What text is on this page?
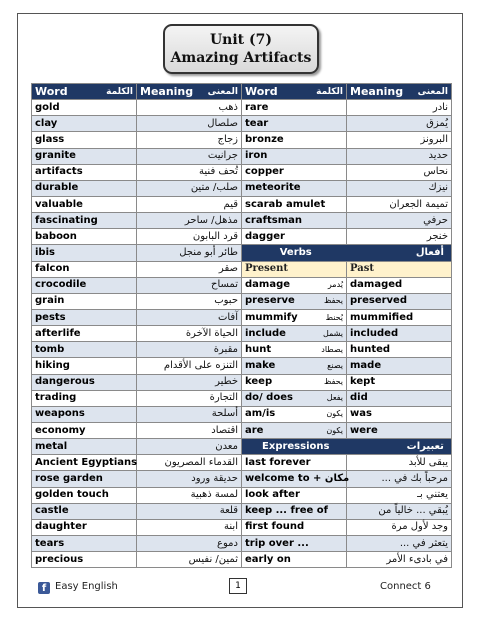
Unit (7)
Amazing Artifacts
Word الكلمة	Meaning المعنى

gold	ذهب
clay	صلصال
glass	زجاج
granite	جرانيت
artifacts	تُحف فنية
durable	صلب/ متين
valuable	قيم
fascinating	مذهل/ ساحر
baboon	قرد البابون
ibis	طائر أبو منجل
falcon	صقر
crocodile	تمساح
grain	حبوب
pests	آفات
afterlife	الحياة الآخرة
tomb	مقبرة
hiking	التنزه على الأقدام
dangerous	خطير
trading	التجارة
weapons	أسلحة
economy	اقتصاد
metal	معدن
Ancient Egyptians	القدماء المصريون
rose garden	حديقة ورود
golden touch	لمسة ذهبية
castle	قلعة
daughter	ابنة
tears	دموع
precious	ثمين/ نفيس
Word الكلمة	Meaning المعنى

rare	نادر
tear	يُمزق
bronze	البرونز
iron	حديد
copper	نحاس
meteorite	نيزك
scarab amulet	تميمة الجعران
craftsman	حرفي
dagger	خنجر
Verbs أفعال	
Present	Past

damage يُدمر	damaged

preserve يحفظ	preserved

mummify يُحنط	mummified

include يشمل	included

hunt يصطاد	hunted

make يصنع	made

keep يحفظ	kept

do/ does يفعل	did

am/is يكون	was

are يكون	were
Expressions تعبيرات	
last forever	يبقى للأبد
welcome to + مكان	مرحباً بك في ...
look after	يعتني بـ
keep ... free of	يُبقي ... خالياً من
first found	وجد لأول مرة
trip over ...	يتعثر في ...
early on	في بادىء الأمر
f Easy English	1	Connect 6
